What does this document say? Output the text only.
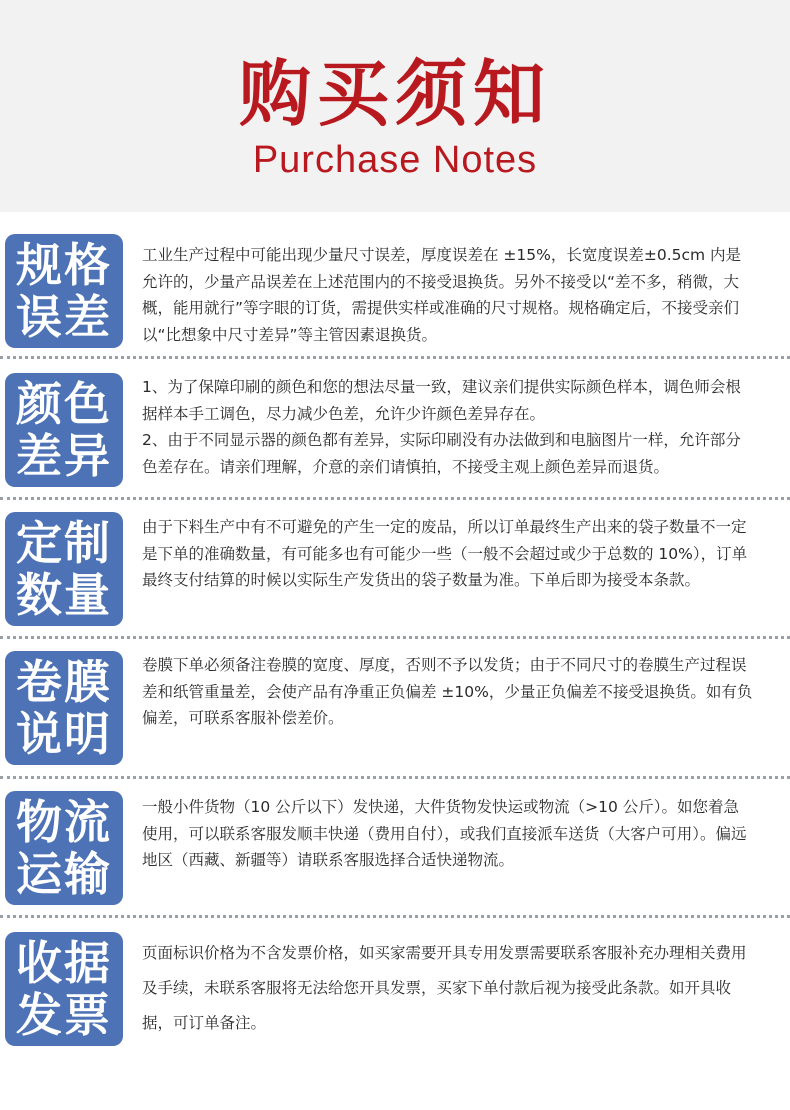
购买须知
Purchase Notes
规格
误差

工业生产过程中可能出现少量尺寸误差，厚度误差在 ±15%，长宽度误差±0.5cm 内是允许的，少量产品误差在上述范围内的不接受退换货。另外不接受以“差不多，稍微，大概，能用就行”等字眼的订货，需提供实样或准确的尺寸规格。规格确定后，不接受亲们以“比想象中尺寸差异”等主管因素退换货。

颜色
差异

1、为了保障印刷的颜色和您的想法尽量一致，建议亲们提供实际颜色样本，调色师会根据样本手工调色，尽力减少色差，允许少许颜色差异存在。

2、由于不同显示器的颜色都有差异，实际印刷没有办法做到和电脑图片一样，允许部分色差存在。请亲们理解，介意的亲们请慎拍，不接受主观上颜色差异而退货。

定制
数量

由于下料生产中有不可避免的产生一定的废品，所以订单最终生产出来的袋子数量不一定是下单的准确数量，有可能多也有可能少一些（一般不会超过或少于总数的 10%），订单最终支付结算的时候以实际生产发货出的袋子数量为准。下单后即为接受本条款。

卷膜
说明

卷膜下单必须备注卷膜的宽度、厚度，否则不予以发货；由于不同尺寸的卷膜生产过程误差和纸管重量差，会使产品有净重正负偏差 ±10%，少量正负偏差不接受退换货。如有负偏差，可联系客服补偿差价。

物流
运输

一般小件货物（10 公斤以下）发快递，大件货物发快运或物流（>10 公斤）。如您着急使用，可以联系客服发顺丰快递（费用自付），或我们直接派车送货（大客户可用）。偏远地区（西藏、新疆等）请联系客服选择合适快递物流。

收据
发票

页面标识价格为不含发票价格，如买家需要开具专用发票需要联系客服补充办理相关费用及手续，未联系客服将无法给您开具发票，买家下单付款后视为接受此条款。如开具收据，可订单备注。
